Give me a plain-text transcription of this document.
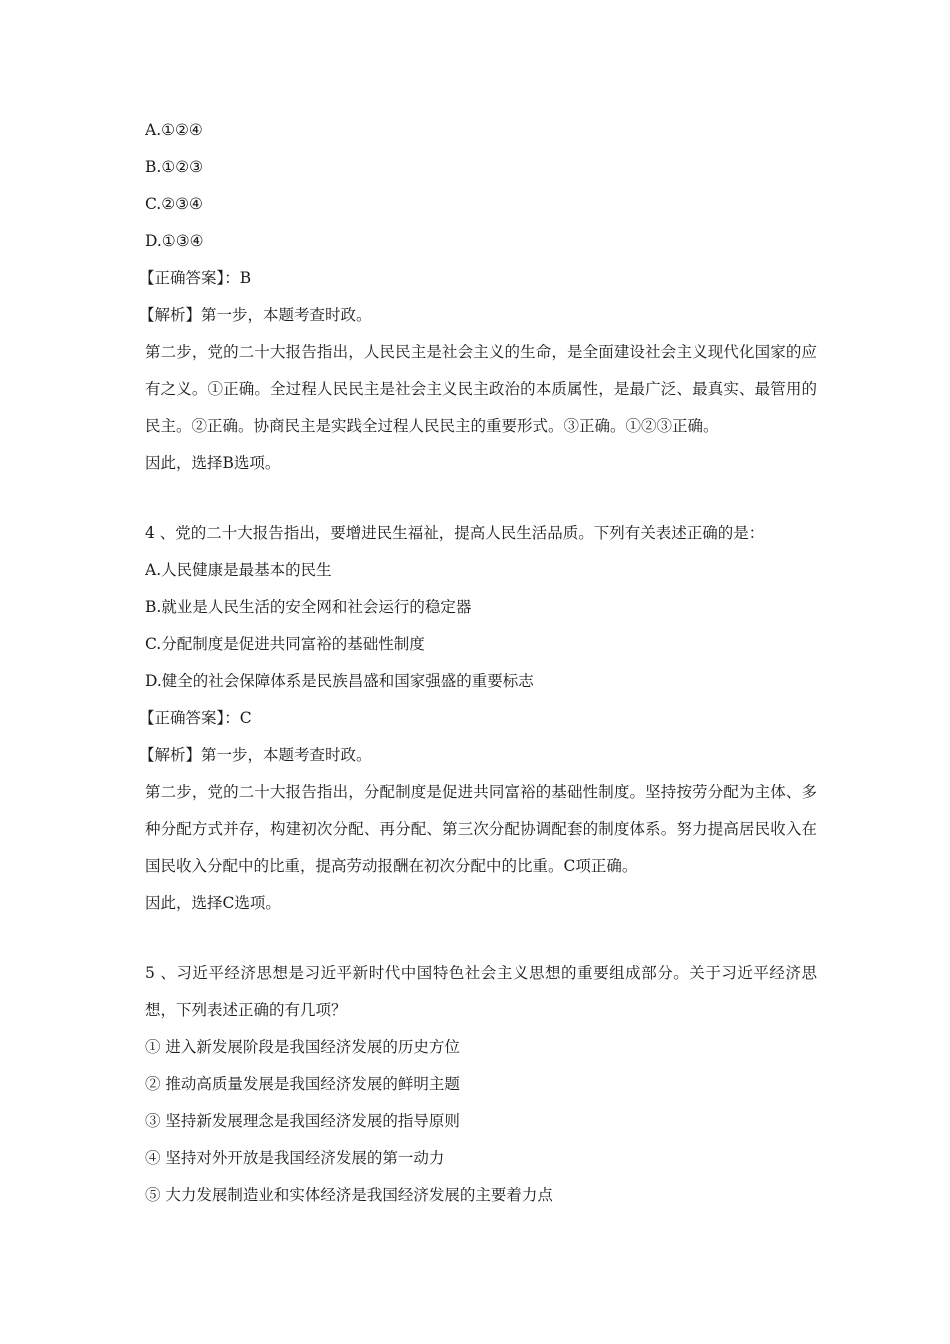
A.①②④
B.①②③
C.②③④
D.①③④
【正确答案】：B
【解析】第一步，本题考查时政。
第二步，党的二十大报告指出，人民民主是社会主义的生命，是全面建设社会主义现代化国家的应有之义。①正确。全过程人民民主是社会主义民主政治的本质属性，是最广泛、最真实、最管用的民主。②正确。协商民主是实践全过程人民民主的重要形式。③正确。①②③正确。
因此，选择B选项。
4 、党的二十大报告指出，要增进民生福祉，提高人民生活品质。下列有关表述正确的是：
A.人民健康是最基本的民生
B.就业是人民生活的安全网和社会运行的稳定器
C.分配制度是促进共同富裕的基础性制度
D.健全的社会保障体系是民族昌盛和国家强盛的重要标志
【正确答案】：C
【解析】第一步，本题考查时政。
第二步，党的二十大报告指出，分配制度是促进共同富裕的基础性制度。坚持按劳分配为主体、多种分配方式并存，构建初次分配、再分配、第三次分配协调配套的制度体系。努力提高居民收入在国民收入分配中的比重，提高劳动报酬在初次分配中的比重。C项正确。
因此，选择C选项。
5 、习近平经济思想是习近平新时代中国特色社会主义思想的重要组成部分。关于习近平经济思想，下列表述正确的有几项？
① 进入新发展阶段是我国经济发展的历史方位
② 推动高质量发展是我国经济发展的鲜明主题
③ 坚持新发展理念是我国经济发展的指导原则
④ 坚持对外开放是我国经济发展的第一动力
⑤ 大力发展制造业和实体经济是我国经济发展的主要着力点
